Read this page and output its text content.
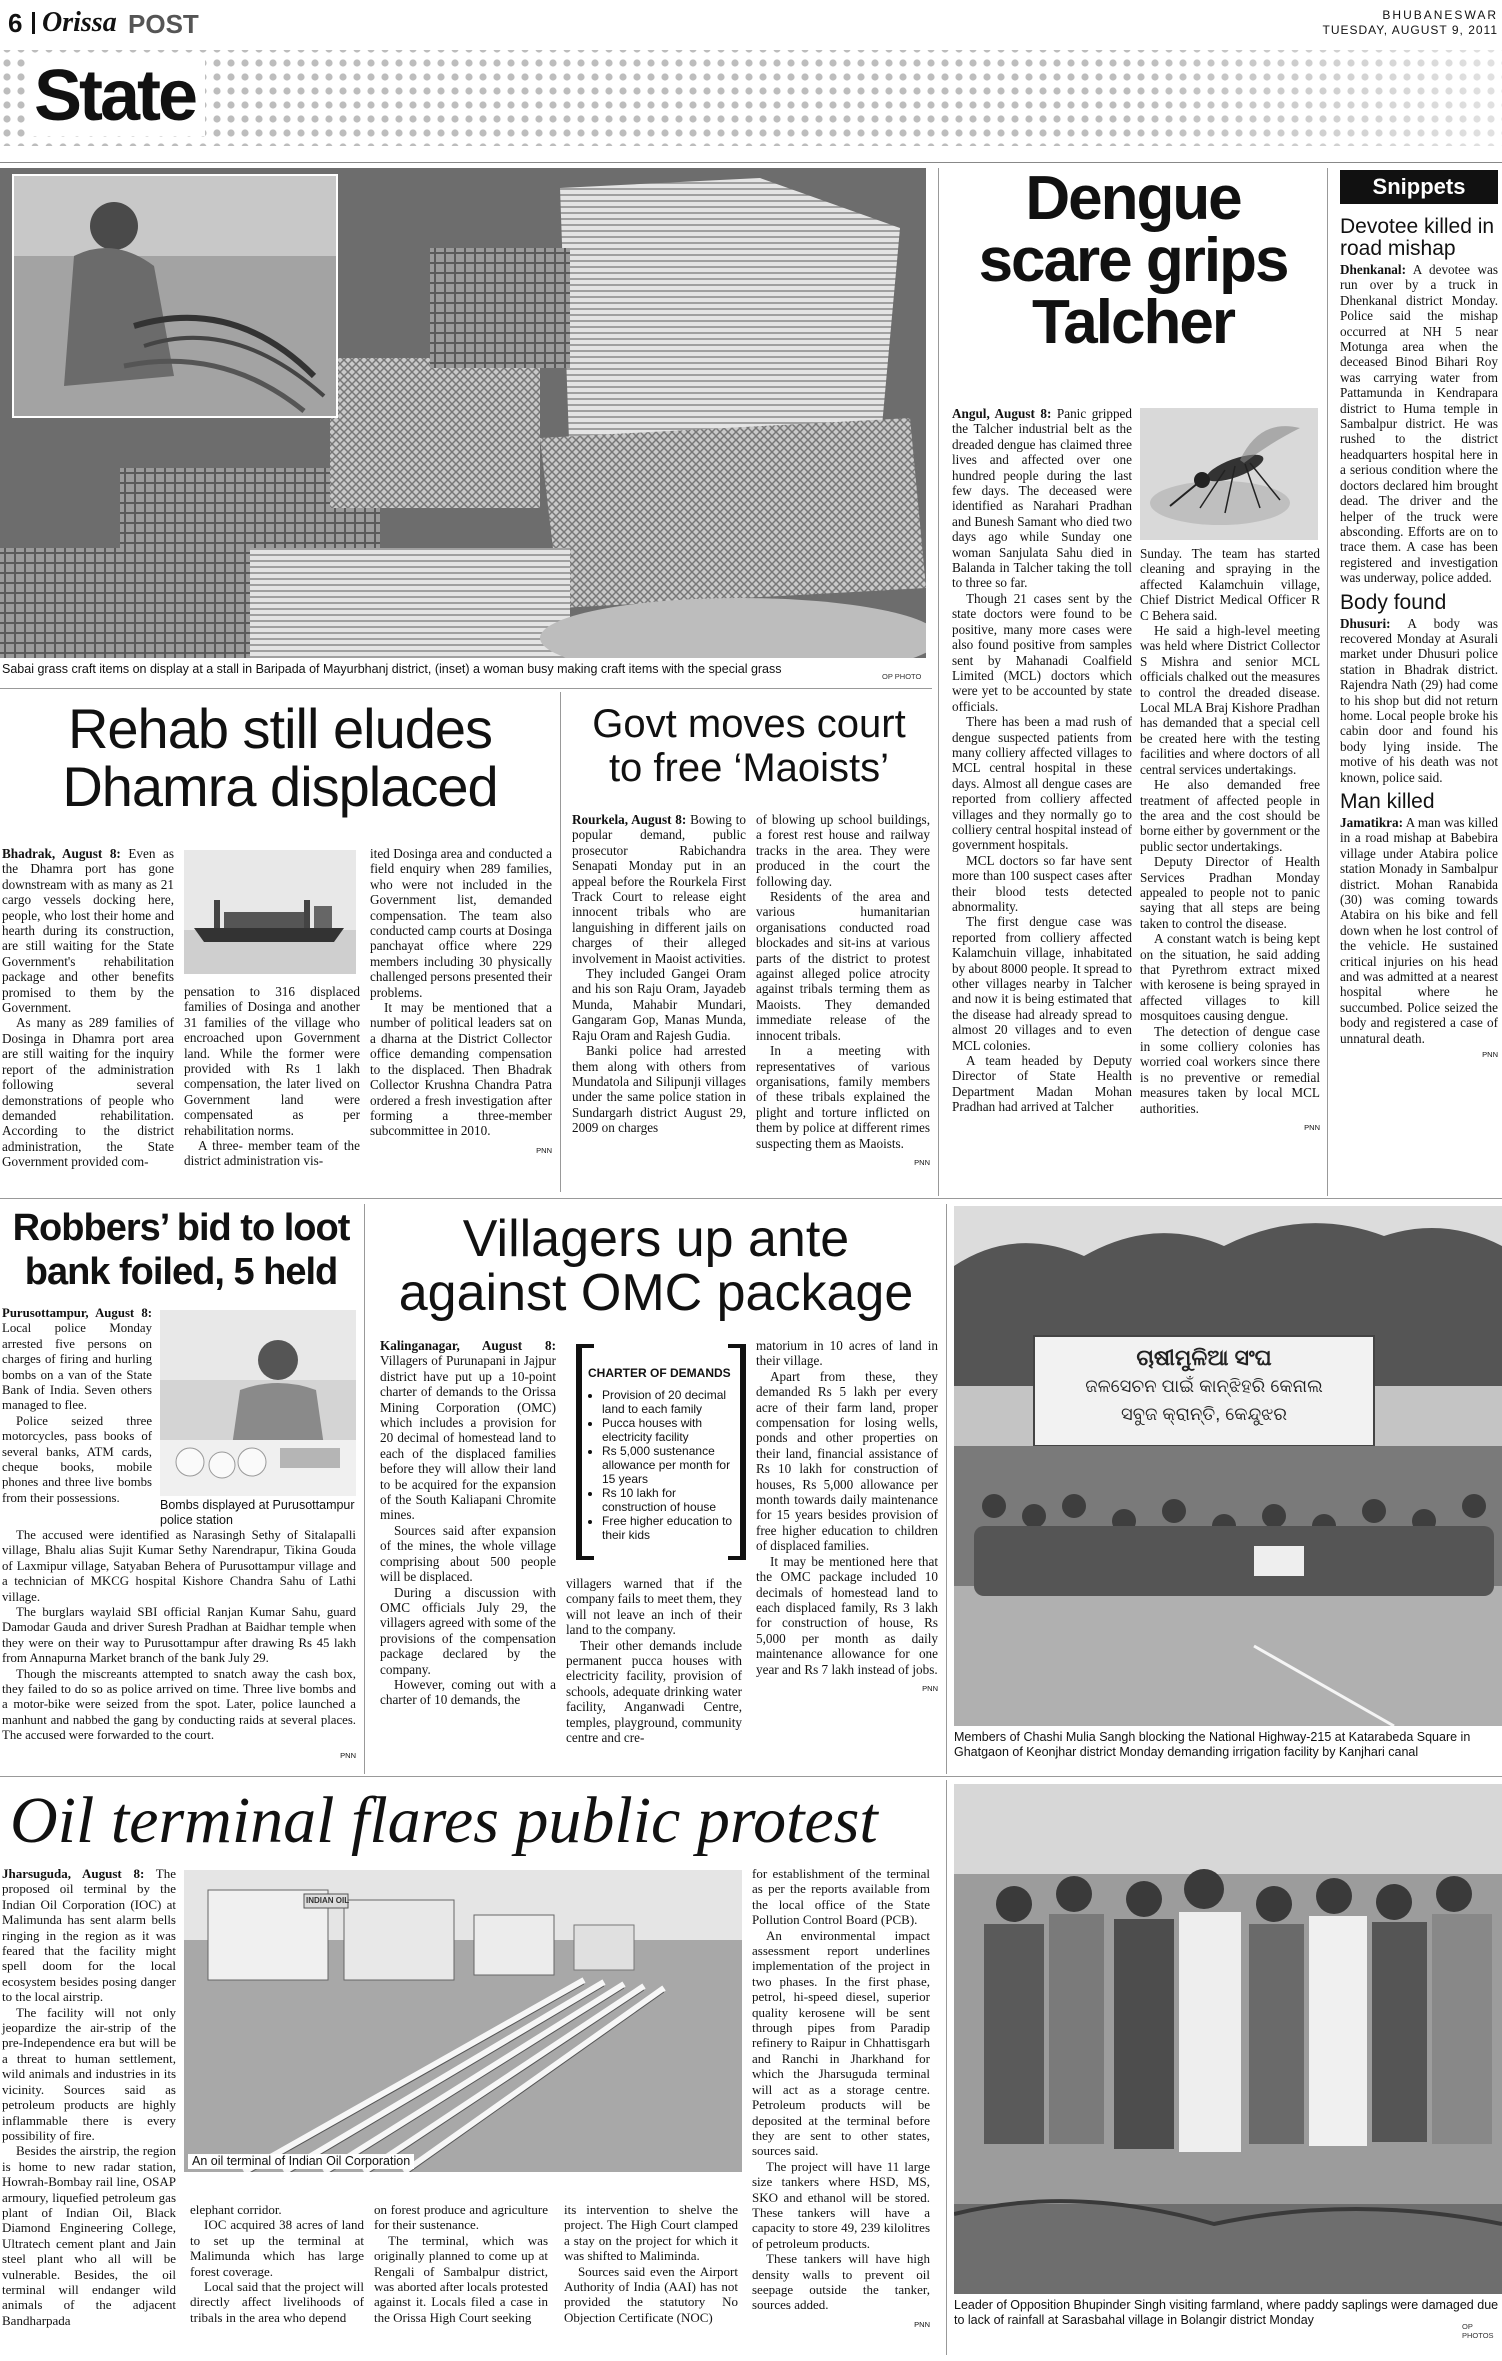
6 Orissa POST	BHUBANESWAR
TUESDAY, AUGUST 9, 2011
State
Sabai grass craft items on display at a stall in Baripada of Mayurbhanj district, (inset) a woman busy making craft items with the special grass
OP PHOTO
Dengue
scare grips
Talcher

Angul, August 8: Panic gripped the Talcher industrial belt as the dreaded dengue has claimed three lives and affected over one hundred people during the last few days. The deceased were identified as Narahari Pradhan and Bunesh Samant who died two days ago while Sunday one woman Sanjulata Sahu died in Balanda in Talcher taking the toll to three so far.

Though 21 cases sent by the state doctors were found to be positive, many more cases were also found positive from samples sent by Mahanadi Coalfield Limited (MCL) doctors which were yet to be accounted by state officials.

There has been a mad rush of dengue suspected patients from many colliery affected villages to MCL central hospital in these days. Almost all dengue cases are reported from colliery affected villages and they normally go to colliery central hospital instead of government hospitals.

MCL doctors so far have sent more than 100 suspect cases after their blood tests detected abnormality.

The first dengue case was reported from colliery affected Kalamchuin village, inhabitated by about 8000 people. It spread to other villages nearby in Talcher and now it is being estimated that the disease had already spread to almost 20 villages and to even MCL colonies.

A team headed by Deputy Director of State Health Department Madan Mohan Pradhan had arrived at Talcher

Sunday. The team has started cleaning and spraying in the affected Kalamchuin village, Chief District Medical Officer R C Behera said.

He said a high-level meeting was held where District Collector S Mishra and senior MCL officials chalked out the measures to control the dreaded disease. Local MLA Braj Kishore Pradhan has demanded that a special cell be created here with the testing facilities and where doctors of all central services undertakings.

He also demanded free treatment of affected people in the area and the cost should be borne either by government or the public sector undertakings.

Deputy Director of Health Services Pradhan Monday appealed to people not to panic saying that all steps are being taken to control the disease.

A constant watch is being kept on the situation, he said adding that Pyrethrom extract mixed with kerosene is being sprayed in affected villages to kill mosquitoes causing dengue.

The detection of dengue case in some colliery colonies has worried coal workers since there is no preventive or remedial measures taken by local MCL authorities.

PNN
Snippets
Devotee killed in road mishap

Dhenkanal: A devotee was run over by a truck in Dhenkanal district Monday. Police said the mishap occurred at NH 5 near Motunga area when the deceased Binod Bihari Roy was carrying water from Pattamunda in Kendrapara district to Huma temple in Sambalpur district. He was rushed to the district headquarters hospital here in a serious condition where the doctors declared him brought dead. The driver and the helper of the truck were absconding. Efforts are on to trace them. A case has been registered and investigation was underway, police added.

Body found

Dhusuri: A body was recovered Monday at Asurali market under Dhusuri police station in Bhadrak district. Rajendra Nath (29) had come to his shop but did not return home. Local people broke his cabin door and found his body lying inside. The motive of his death was not known, police said.

Man killed

Jamatikra: A man was killed in a road mishap at Babebira village under Atabira police station Monady in Sambalpur district. Mohan Ranabida (30) was coming towards Atabira on his bike and fell down when he lost control of the vehicle. He sustained critical injuries on his head and was admitted at a nearest hospital where he succumbed. Police seized the body and registered a case of unnatural death.

PNN
Rehab still eludes
Dhamra displaced

Bhadrak, August 8: Even as the Dhamra port has gone downstream with as many as 21 cargo vessels docking here, people, who lost their home and hearth during its construction, are still waiting for the State Government's rehabilitation package and other benefits promised to them by the Government.

As many as 289 families of Dosinga in Dhamra port area are still waiting for the inquiry report of the administration following several demonstrations of people who demanded rehabilitation. According to the district administration, the State Government provided com-

pensation to 316 displaced families of Dosinga and another 31 families of the village who encroached upon Government land. While the former were provided with Rs 1 lakh compensation, the later lived on Government land were compensated as per rehabilitation norms.

A three- member team of the district administration vis-

ited Dosinga area and conducted a field enquiry when 289 families, who were not included in the Government list, demanded compensation. The team also conducted camp courts at Dosinga panchayat office where 229 members including 30 physically challenged persons presented their problems.

It may be mentioned that a number of political leaders sat on a dharna at the District Collector office demanding compensation to the displaced. Then Bhadrak Collector Krushna Chandra Patra ordered a fresh investigation after forming a three-member subcommittee in 2010.

PNN
Govt moves court
to free ‘Maoists’

Rourkela, August 8: Bowing to popular demand, public prosecutor Rabichandra Senapati Monday put in an appeal before the Rourkela First Track Court to release eight innocent tribals who are languishing in different jails on charges of their alleged involvement in Maoist activities.

They included Gangei Oram and his son Raju Oram, Jayadeb Munda, Mahabir Mundari, Gangaram Gop, Manas Munda, Raju Oram and Rajesh Gudia.

Banki police had arrested them along with others from Mundatola and Silipunji villages under the same police station in Sundargarh district August 29, 2009 on charges

of blowing up school buildings, a forest rest house and railway tracks in the area. They were produced in the court the following day.

Residents of the area and various humanitarian organisations conducted road blockades and sit-ins at various parts of the district to protest against alleged police atrocity against tribals terming them as Maoists. They demanded immediate release of the innocent tribals.

In a meeting with representatives of various organisations, family members of these tribals explained the plight and torture inflicted on them by police at different rimes suspecting them as Maoists.

PNN
Robbers’ bid to loot
bank foiled, 5 held

Purusottampur, August 8: Local police Monday arrested five persons on charges of firing and hurling bombs on a van of the State Bank of India. Seven others managed to flee.

Police seized three motorcycles, pass books of several banks, ATM cards, cheque books, mobile phones and three live bombs from their possessions.

Bombs displayed at Purusottampur police station

The accused were identified as Narasingh Sethy of Sitalapalli village, Bhalu alias Sujit Kumar Sethy Narendrapur, Tikina Gouda of Laxmipur village, Satyaban Behera of Purusottampur village and a technician of MKCG hospital Kishore Chandra Sahu of Lathi village.

The burglars waylaid SBI official Ranjan Kumar Sahu, guard Damodar Gauda and driver Suresh Pradhan at Baidhar temple when they were on their way to Purusottampur after drawing Rs 45 lakh from Annapurna Market branch of the bank July 29.

Though the miscreants attempted to snatch away the cash box, they failed to do so as police arrived on time. Three live bombs and a motor-bike were seized from the spot. Later, police launched a manhunt and nabbed the gang by conducting raids at several places. The accused were forwarded to the court.

PNN
Villagers up ante
against OMC package

Kalinganagar, August 8: Villagers of Purunapani in Jajpur district have put up a 10-point charter of demands to the Orissa Mining Corporation (OMC) which includes a provision for 20 decimal of homestead land to each of the displaced families before they will allow their land to be acquired for the expansion of the South Kaliapani Chromite mines.

Sources said after expansion of the mines, the whole village comprising about 500 people will be displaced.

During a discussion with OMC officials July 29, the villagers agreed with some of the provisions of the compensation package declared by the company.

However, coming out with a charter of 10 demands, the

CHARTER OF DEMANDS
• Provision of 20 decimal land to each family
• Pucca houses with electricity facility
• Rs 5,000 sustenance allowance per month for 15 years
• Rs 10 lakh for construction of house
• Free higher education to their kids

villagers warned that if the company fails to meet them, they will not leave an inch of their land to the company.

Their other demands include permanent pucca houses with electricity facility, provision of schools, adequate drinking water facility, Anganwadi Centre, temples, playground, community centre and cre-

matorium in 10 acres of land in their village.

Apart from these, they demanded Rs 5 lakh per every acre of their farm land, proper compensation for losing wells, ponds and other properties on their land, financial assistance of Rs 10 lakh for construction of houses, Rs 5,000 allowance per month towards daily maintenance for 15 years besides provision of free higher education to children of displaced families.

It may be mentioned here that the OMC package included 10 decimals of homestead land to each displaced family, Rs 3 lakh for construction of house, Rs 5,000 per month as daily maintenance allowance for one year and Rs 7 lakh instead of jobs.

PNN
ଚାଷୀମୁଳିଆ ସଂଘ
ଜଳସେଚନ ପାଇଁ କାନ୍ଝିହରି କେନାଲ
ସବୁଜ କ୍ରାନ୍ତି, କେନ୍ଦୁଝର
Members of Chashi Mulia Sangh blocking the National Highway-215 at Katarabeda Square in Ghatgaon of Keonjhar district Monday demanding irrigation facility by Kanjhari canal
Oil terminal flares public protest

Jharsuguda, August 8: The proposed oil terminal by the Indian Oil Corporation (IOC) at Malimunda has sent alarm bells ringing in the region as it was feared that the facility might spell doom for the local ecosystem besides posing danger to the local airstrip.

The facility will not only jeopardize the air-strip of the pre-Independence era but will be a threat to human settlement, wild animals and industries in its vicinity. Sources said as petroleum products are highly inflammable there is every possibility of fire.

Besides the airstrip, the region is home to new radar station, Howrah-Bombay rail line, OSAP armoury, liquefied petroleum gas plant of Indian Oil, Black Diamond Engineering College, Ultratech cement plant and Jain steel plant who all will be vulnerable. Besides, the oil terminal will endanger wild animals of the adjacent Bandharpada

INDIAN OIL
An oil terminal of Indian Oil Corporation

elephant corridor.

IOC acquired 38 acres of land to set up the terminal at Malimunda which has large forest coverage.

Local said that the project will directly affect livelihoods of tribals in the area who depend

on forest produce and agriculture for their sustenance.

The terminal, which was originally planned to come up at Rengali of Sambalpur district, was aborted after locals protested against it. Locals filed a case in the Orissa High Court seeking

its intervention to shelve the project. The High Court clamped a stay on the project for which it was shifted to Maliminda.

Sources said even the Airport Authority of India (AAI) has not provided the statutory No Objection Certificate (NOC)

for establishment of the terminal as per the reports available from the local office of the State Pollution Control Board (PCB).

An environmental impact assessment report underlines implementation of the project in two phases. In the first phase, petrol, hi-speed diesel, superior quality kerosene will be sent through pipes from Paradip refinery to Raipur in Chhattisgarh and Ranchi in Jharkhand for which the Jharsuguda terminal will act as a storage centre. Petroleum products will be deposited at the terminal before they are sent to other states, sources said.

The project will have 11 large size tankers where HSD, MS, SKO and ethanol will be stored. These tankers will have a capacity to store 49, 239 kilolitres of petroleum products.

These tankers will have high density walls to prevent oil seepage outside the tanker, sources added.

PNN
Leader of Opposition Bhupinder Singh visiting farmland, where paddy saplings were damaged due to lack of rainfall at Sarasbahal village in Bolangir district Monday	OP PHOTOS
